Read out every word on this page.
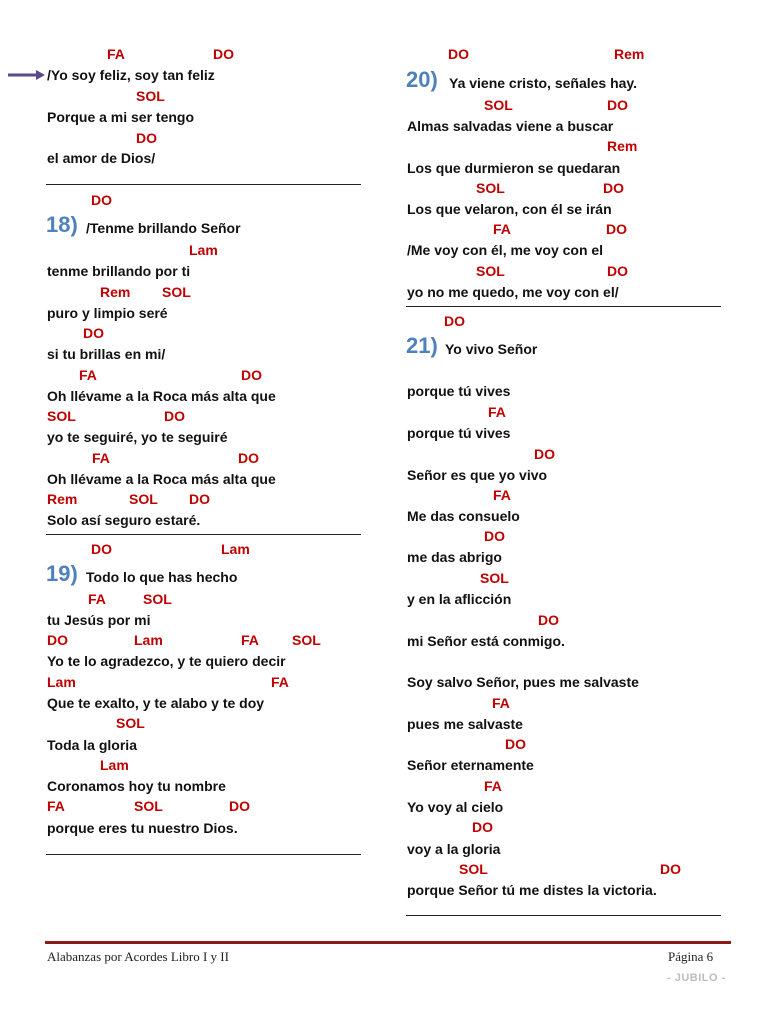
FA	DO
/Yo soy feliz, soy tan feliz
SOL
Porque a mi ser tengo
DO
el amor de Dios/
DO
18) /Tenme brillando Señor
Lam
tenme brillando por ti
Rem SOL
puro y limpio seré
DO
si tu brillas en mi/
FA	DO
Oh llévame a la Roca más alta que
SOL	DO
yo te seguiré, yo te seguiré
FA	DO
Oh llévame a la Roca más alta que
Rem	SOL DO
Solo así seguro estaré.
DO	Lam
19) Todo lo que has hecho
FA	SOL
tu Jesús por mi
DO	Lam	FA SOL
Yo te lo agradezco, y te quiero decir
Lam	FA
Que te exalto, y te alabo y te doy
SOL
Toda la gloria
Lam
Coronamos hoy tu nombre
FA	SOL	DO
porque eres tu nuestro Dios.
DO	Rem
20) Ya viene cristo, señales hay.
SOL	DO
Almas salvadas viene a buscar
Rem
Los que durmieron se quedaran
SOL	DO
Los que velaron, con él se irán
FA	DO
/Me voy con él, me voy con el
SOL	DO
yo no me quedo, me voy con el/
DO
21) Yo vivo Señor
porque tú vives
FA
porque tú vives
DO
Señor es que yo vivo
FA
Me das consuelo
DO
me das abrigo
SOL
y en la aflicción
DO
mi Señor está conmigo.
Soy salvo Señor, pues me salvaste
FA
pues me salvaste
DO
Señor eternamente
FA
Yo voy al cielo
DO
voy a la gloria
SOL	DO
porque Señor tú me distes la victoria.
Alabanzas por Acordes Libro I y II	Página 6
- JUBILO -
